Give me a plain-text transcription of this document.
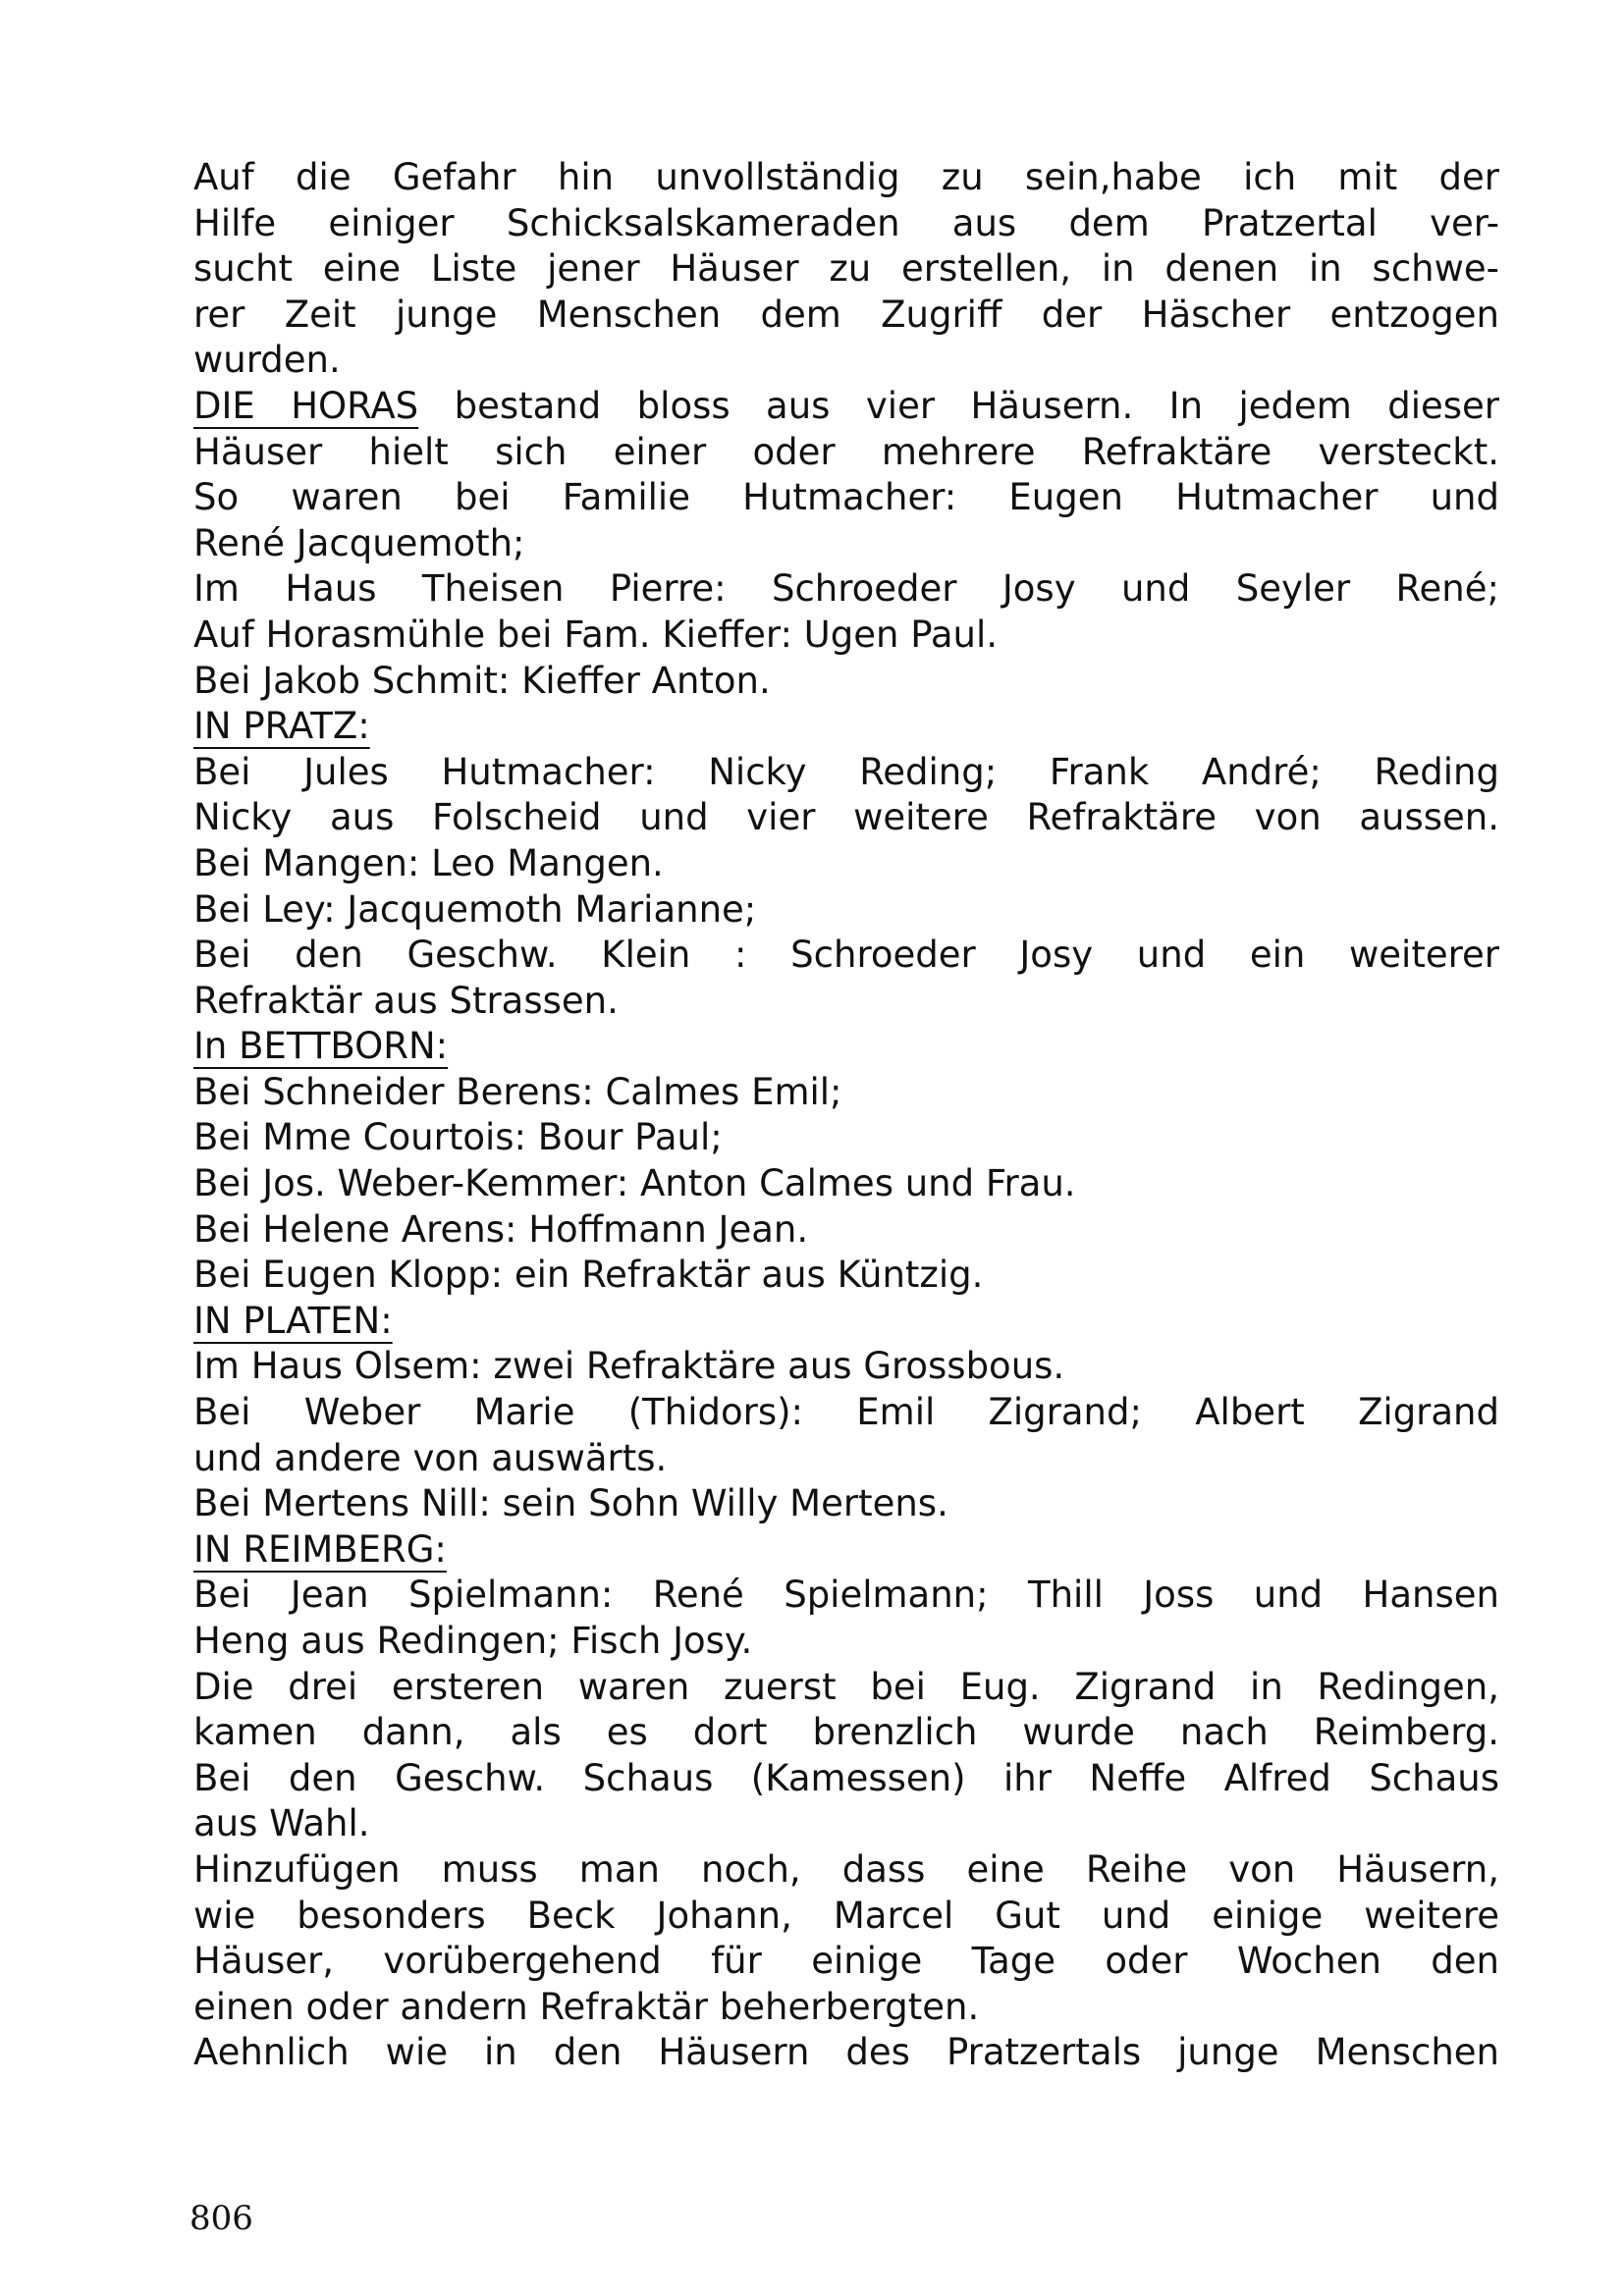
Auf die Gefahr hin unvollständig zu sein,habe ich mit der
Hilfe einiger Schicksalskameraden aus dem Pratzertal ver-
sucht eine Liste jener Häuser zu erstellen, in denen in schwe-
rer Zeit junge Menschen dem Zugriff der Häscher entzogen
wurden.
DIE HORAS bestand bloss aus vier Häusern. In jedem dieser
Häuser hielt sich einer oder mehrere Refraktäre versteckt.
So waren bei Familie Hutmacher: Eugen Hutmacher und
René Jacquemoth;
Im Haus Theisen Pierre: Schroeder Josy und Seyler René;
Auf Horasmühle bei Fam. Kieffer: Ugen Paul.
Bei Jakob Schmit: Kieffer Anton.
IN PRATZ:
Bei Jules Hutmacher: Nicky Reding; Frank André; Reding
Nicky aus Folscheid und vier weitere Refraktäre von aussen.
Bei Mangen: Leo Mangen.
Bei Ley: Jacquemoth Marianne;
Bei den Geschw. Klein : Schroeder Josy und ein weiterer
Refraktär aus Strassen.
In BETTBORN:
Bei Schneider Berens: Calmes Emil;
Bei Mme Courtois: Bour Paul;
Bei Jos. Weber-Kemmer: Anton Calmes und Frau.
Bei Helene Arens: Hoffmann Jean.
Bei Eugen Klopp: ein Refraktär aus Küntzig.
IN PLATEN:
Im Haus Olsem: zwei Refraktäre aus Grossbous.
Bei Weber Marie (Thidors): Emil Zigrand; Albert Zigrand
und andere von auswärts.
Bei Mertens Nill: sein Sohn Willy Mertens.
IN REIMBERG:
Bei Jean Spielmann: René Spielmann; Thill Joss und Hansen
Heng aus Redingen; Fisch Josy.
Die drei ersteren waren zuerst bei Eug. Zigrand in Redingen,
kamen dann, als es dort brenzlich wurde nach Reimberg.
Bei den Geschw. Schaus (Kamessen) ihr Neffe Alfred Schaus
aus Wahl.
Hinzufügen muss man noch, dass eine Reihe von Häusern,
wie besonders Beck Johann, Marcel Gut und einige weitere
Häuser, vorübergehend für einige Tage oder Wochen den
einen oder andern Refraktär beherbergten.
Aehnlich wie in den Häusern des Pratzertals junge Menschen
806
